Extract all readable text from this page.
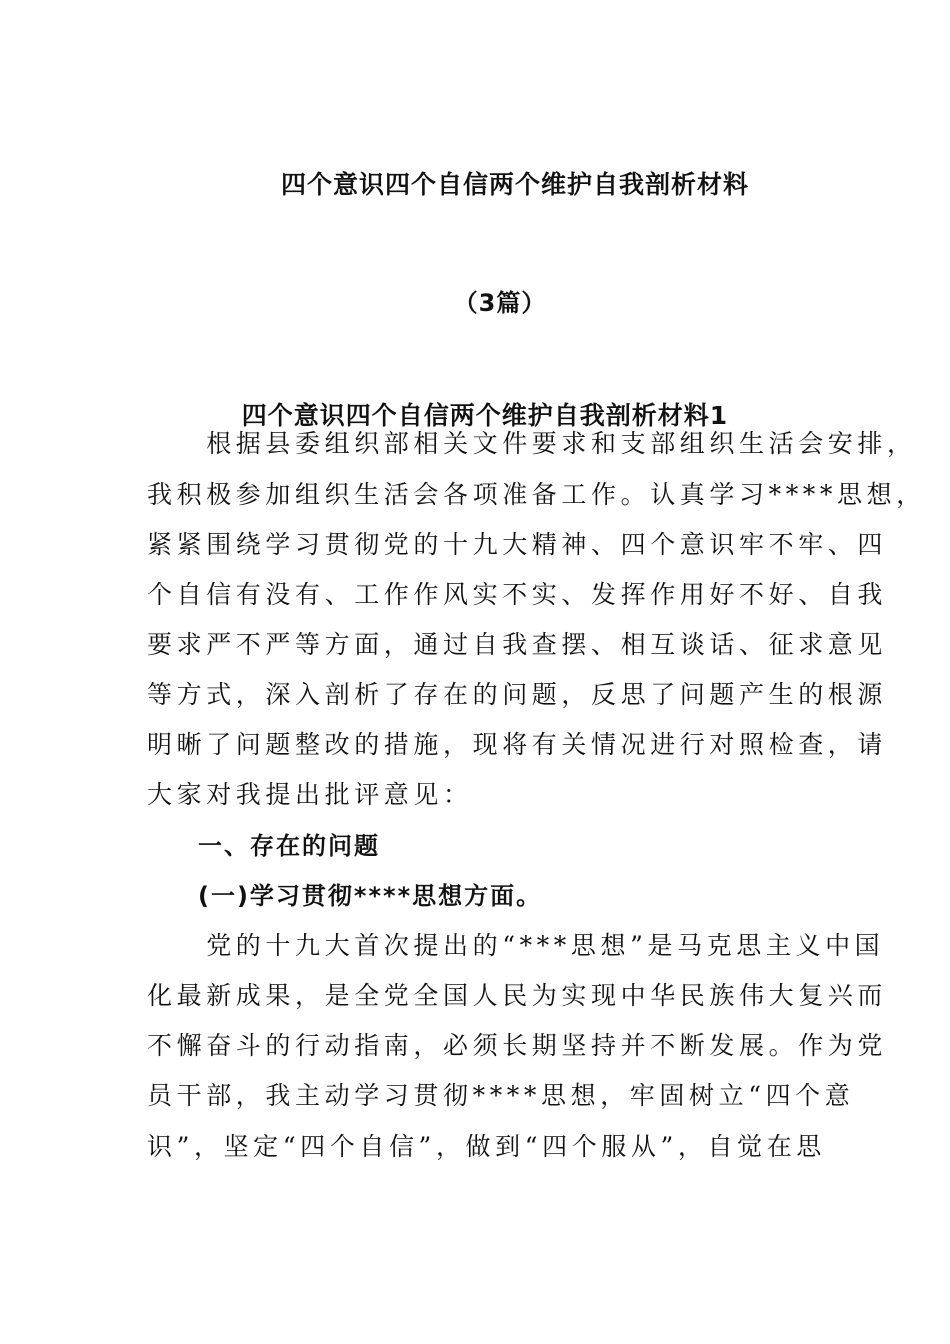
四个意识四个自信两个维护自我剖析材料
（3篇）
四个意识四个自信两个维护自我剖析材料1
　　根据县委组织部相关文件要求和支部组织生活会安排，
我积极参加组织生活会各项准备工作。认真学习****思想，
紧紧围绕学习贯彻党的十九大精神、四个意识牢不牢、四
个自信有没有、工作作风实不实、发挥作用好不好、自我
要求严不严等方面，通过自我查摆、相互谈话、征求意见
等方式，深入剖析了存在的问题，反思了问题产生的根源
明晰了问题整改的措施，现将有关情况进行对照检查，请
大家对我提出批评意见：
一、存在的问题
(一)学习贯彻****思想方面。
　　党的十九大首次提出的“***思想”是马克思主义中国
化最新成果，是全党全国人民为实现中华民族伟大复兴而
不懈奋斗的行动指南，必须长期坚持并不断发展。作为党
员干部，我主动学习贯彻****思想，牢固树立“四个意
识”，坚定“四个自信”，做到“四个服从”，自觉在思
